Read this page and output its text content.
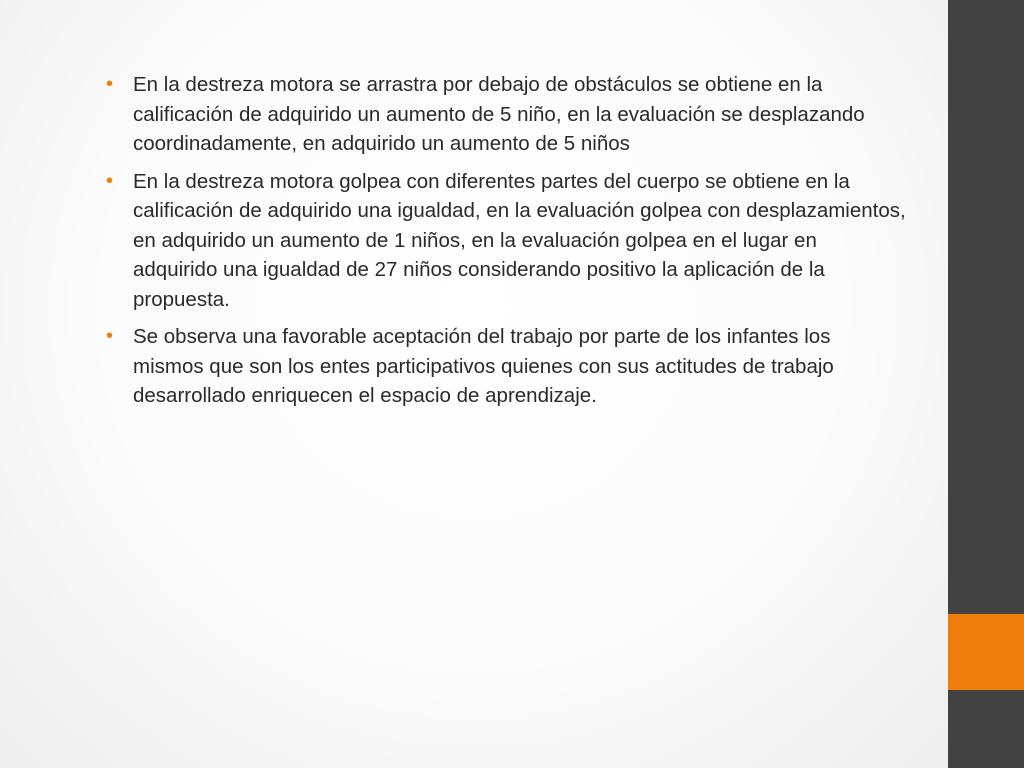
• En la destreza motora se arrastra por debajo de obstáculos se obtiene en la calificación de adquirido un aumento de 5 niño, en la evaluación se desplazando coordinadamente, en adquirido un aumento de 5 niños
• En la destreza motora golpea con diferentes partes del cuerpo se obtiene en la calificación de adquirido una igualdad, en la evaluación golpea con desplazamientos, en adquirido un aumento de 1 niños, en la evaluación golpea en el lugar en adquirido una igualdad de 27 niños considerando positivo la aplicación de la propuesta.
• Se observa una favorable aceptación del trabajo por parte de los infantes los mismos que son los entes participativos quienes con sus actitudes de trabajo desarrollado enriquecen el espacio de aprendizaje.
